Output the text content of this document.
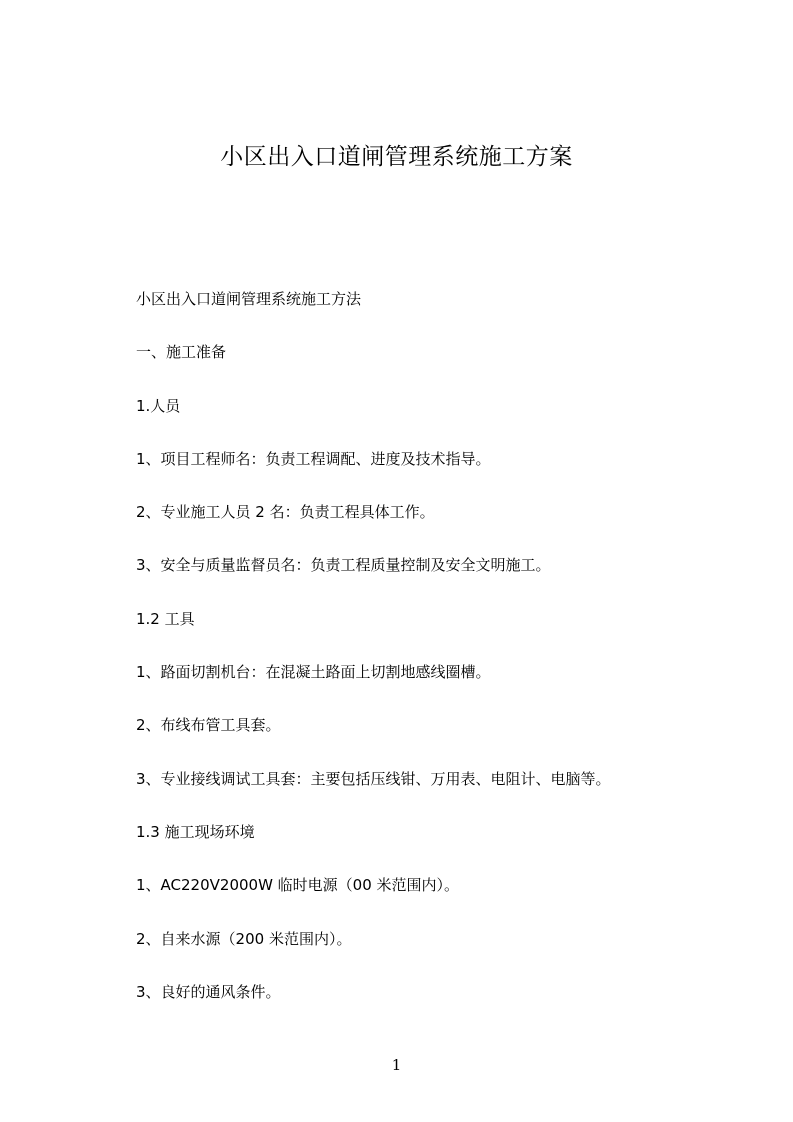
小区出入口道闸管理系统施工方案
小区出入口道闸管理系统施工方法
一、施工准备
1.人员
1、项目工程师名：负责工程调配、进度及技术指导。
2、专业施工人员 2 名：负责工程具体工作。
3、安全与质量监督员名：负责工程质量控制及安全文明施工。
1.2 工具
1、路面切割机台：在混凝土路面上切割地感线圈槽。
2、布线布管工具套。
3、专业接线调试工具套：主要包括压线钳、万用表、电阻计、电脑等。
1.3 施工现场环境
1、AC220V2000W 临时电源（00 米范围内）。
2、自来水源（200 米范围内）。
3、良好的通风条件。
1
